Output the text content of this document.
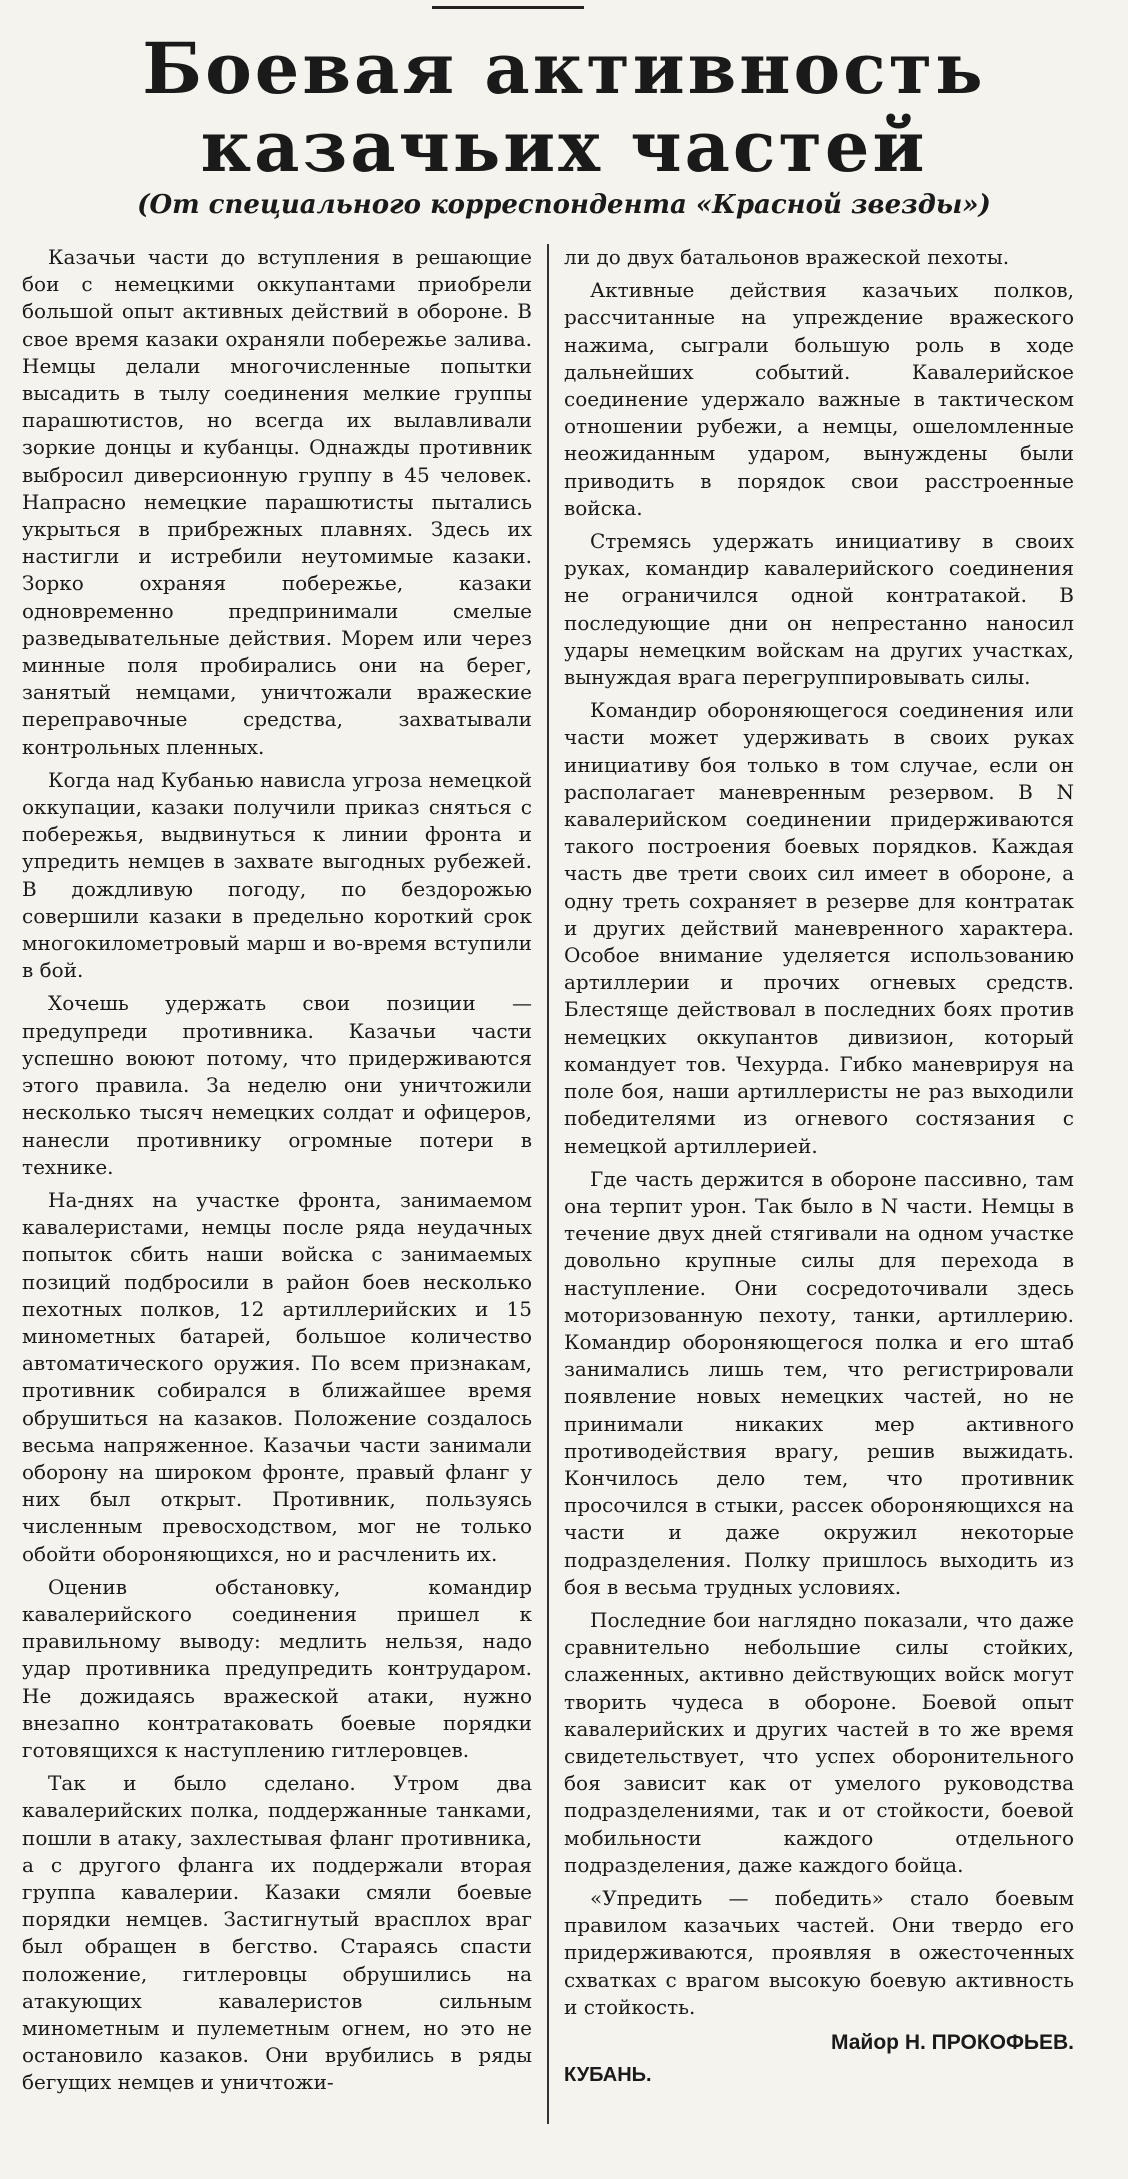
Боевая активность
казачьих частей
(От специального корреспондента «Красной звезды»)

Казачьи части до вступления в решающие бои с немецкими оккупантами приобрели большой опыт активных действий в обороне. В свое время казаки охраняли побережье залива. Немцы делали многочисленные попытки высадить в тылу соединения мелкие группы парашютистов, но всегда их вылавливали зоркие донцы и кубанцы. Однажды противник выбросил диверсионную группу в 45 человек. Напрасно немецкие парашютисты пытались укрыться в прибрежных плавнях. Здесь их настигли и истребили неутомимые казаки. Зорко охраняя побережье, казаки одновременно предпринимали смелые разведывательные действия. Морем или через минные поля пробирались они на берег, занятый немцами, уничтожали вражеские переправочные средства, захватывали контрольных пленных.

Когда над Кубанью нависла угроза немецкой оккупации, казаки получили приказ сняться с побережья, выдвинуться к линии фронта и упредить немцев в захвате выгодных рубежей. В дождливую погоду, по бездорожью совершили казаки в предельно короткий срок многокилометровый марш и во-время вступили в бой.

Хочешь удержать свои позиции — предупреди противника. Казачьи части успешно воюют потому, что придерживаются этого правила. За неделю они уничтожили несколько тысяч немецких солдат и офицеров, нанесли противнику огромные потери в технике.

На-днях на участке фронта, занимаемом кавалеристами, немцы после ряда неудачных попыток сбить наши войска с занимаемых позиций подбросили в район боев несколько пехотных полков, 12 артиллерийских и 15 минометных батарей, большое количество автоматического оружия. По всем признакам, противник собирался в ближайшее время обрушиться на казаков. Положение создалось весьма напряженное. Казачьи части занимали оборону на широком фронте, правый фланг у них был открыт. Противник, пользуясь численным превосходством, мог не только обойти обороняющихся, но и расчленить их.

Оценив обстановку, командир кавалерийского соединения пришел к правильному выводу: медлить нельзя, надо удар противника предупредить контрударом. Не дожидаясь вражеской атаки, нужно внезапно контратаковать боевые порядки готовящихся к наступлению гитлеровцев.

Так и было сделано. Утром два кавалерийских полка, поддержанные танками, пошли в атаку, захлестывая фланг противника, а с другого фланга их поддержали вторая группа кавалерии. Казаки смяли боевые порядки немцев. Застигнутый врасплох враг был обращен в бегство. Стараясь спасти положение, гитлеровцы обрушились на атакующих кавалеристов сильным минометным и пулеметным огнем, но это не остановило казаков. Они врубились в ряды бегущих немцев и уничтожи-

ли до двух батальонов вражеской пехоты.

Активные действия казачьих полков, рассчитанные на упреждение вражеского нажима, сыграли большую роль в ходе дальнейших событий. Кавалерийское соединение удержало важные в тактическом отношении рубежи, а немцы, ошеломленные неожиданным ударом, вынуждены были приводить в порядок свои расстроенные войска.

Стремясь удержать инициативу в своих руках, командир кавалерийского соединения не ограничился одной контратакой. В последующие дни он непрестанно наносил удары немецким войскам на других участках, вынуждая врага перегруппировывать силы.

Командир обороняющегося соединения или части может удерживать в своих руках инициативу боя только в том случае, если он располагает маневренным резервом. В N кавалерийском соединении придерживаются такого построения боевых порядков. Каждая часть две трети своих сил имеет в обороне, а одну треть сохраняет в резерве для контратак и других действий маневренного характера. Особое внимание уделяется использованию артиллерии и прочих огневых средств. Блестяще действовал в последних боях против немецких оккупантов дивизион, который командует тов. Чехурда. Гибко маневрируя на поле боя, наши артиллеристы не раз выходили победителями из огневого состязания с немецкой артиллерией.

Где часть держится в обороне пассивно, там она терпит урон. Так было в N части. Немцы в течение двух дней стягивали на одном участке довольно крупные силы для перехода в наступление. Они сосредоточивали здесь моторизованную пехоту, танки, артиллерию. Командир обороняющегося полка и его штаб занимались лишь тем, что регистрировали появление новых немецких частей, но не принимали никаких мер активного противодействия врагу, решив выжидать. Кончилось дело тем, что противник просочился в стыки, рассек обороняющихся на части и даже окружил некоторые подразделения. Полку пришлось выходить из боя в весьма трудных условиях.

Последние бои наглядно показали, что даже сравнительно небольшие силы стойких, слаженных, активно действующих войск могут творить чудеса в обороне. Боевой опыт кавалерийских и других частей в то же время свидетельствует, что успех оборонительного боя зависит как от умелого руководства подразделениями, так и от стойкости, боевой мобильности каждого отдельного подразделения, даже каждого бойца.

«Упредить — победить» стало боевым правилом казачьих частей. Они твердо его придерживаются, проявляя в ожесточенных схватках с врагом высокую боевую активность и стойкость.

Майор Н. ПРОКОФЬЕВ.
КУБАНЬ.
